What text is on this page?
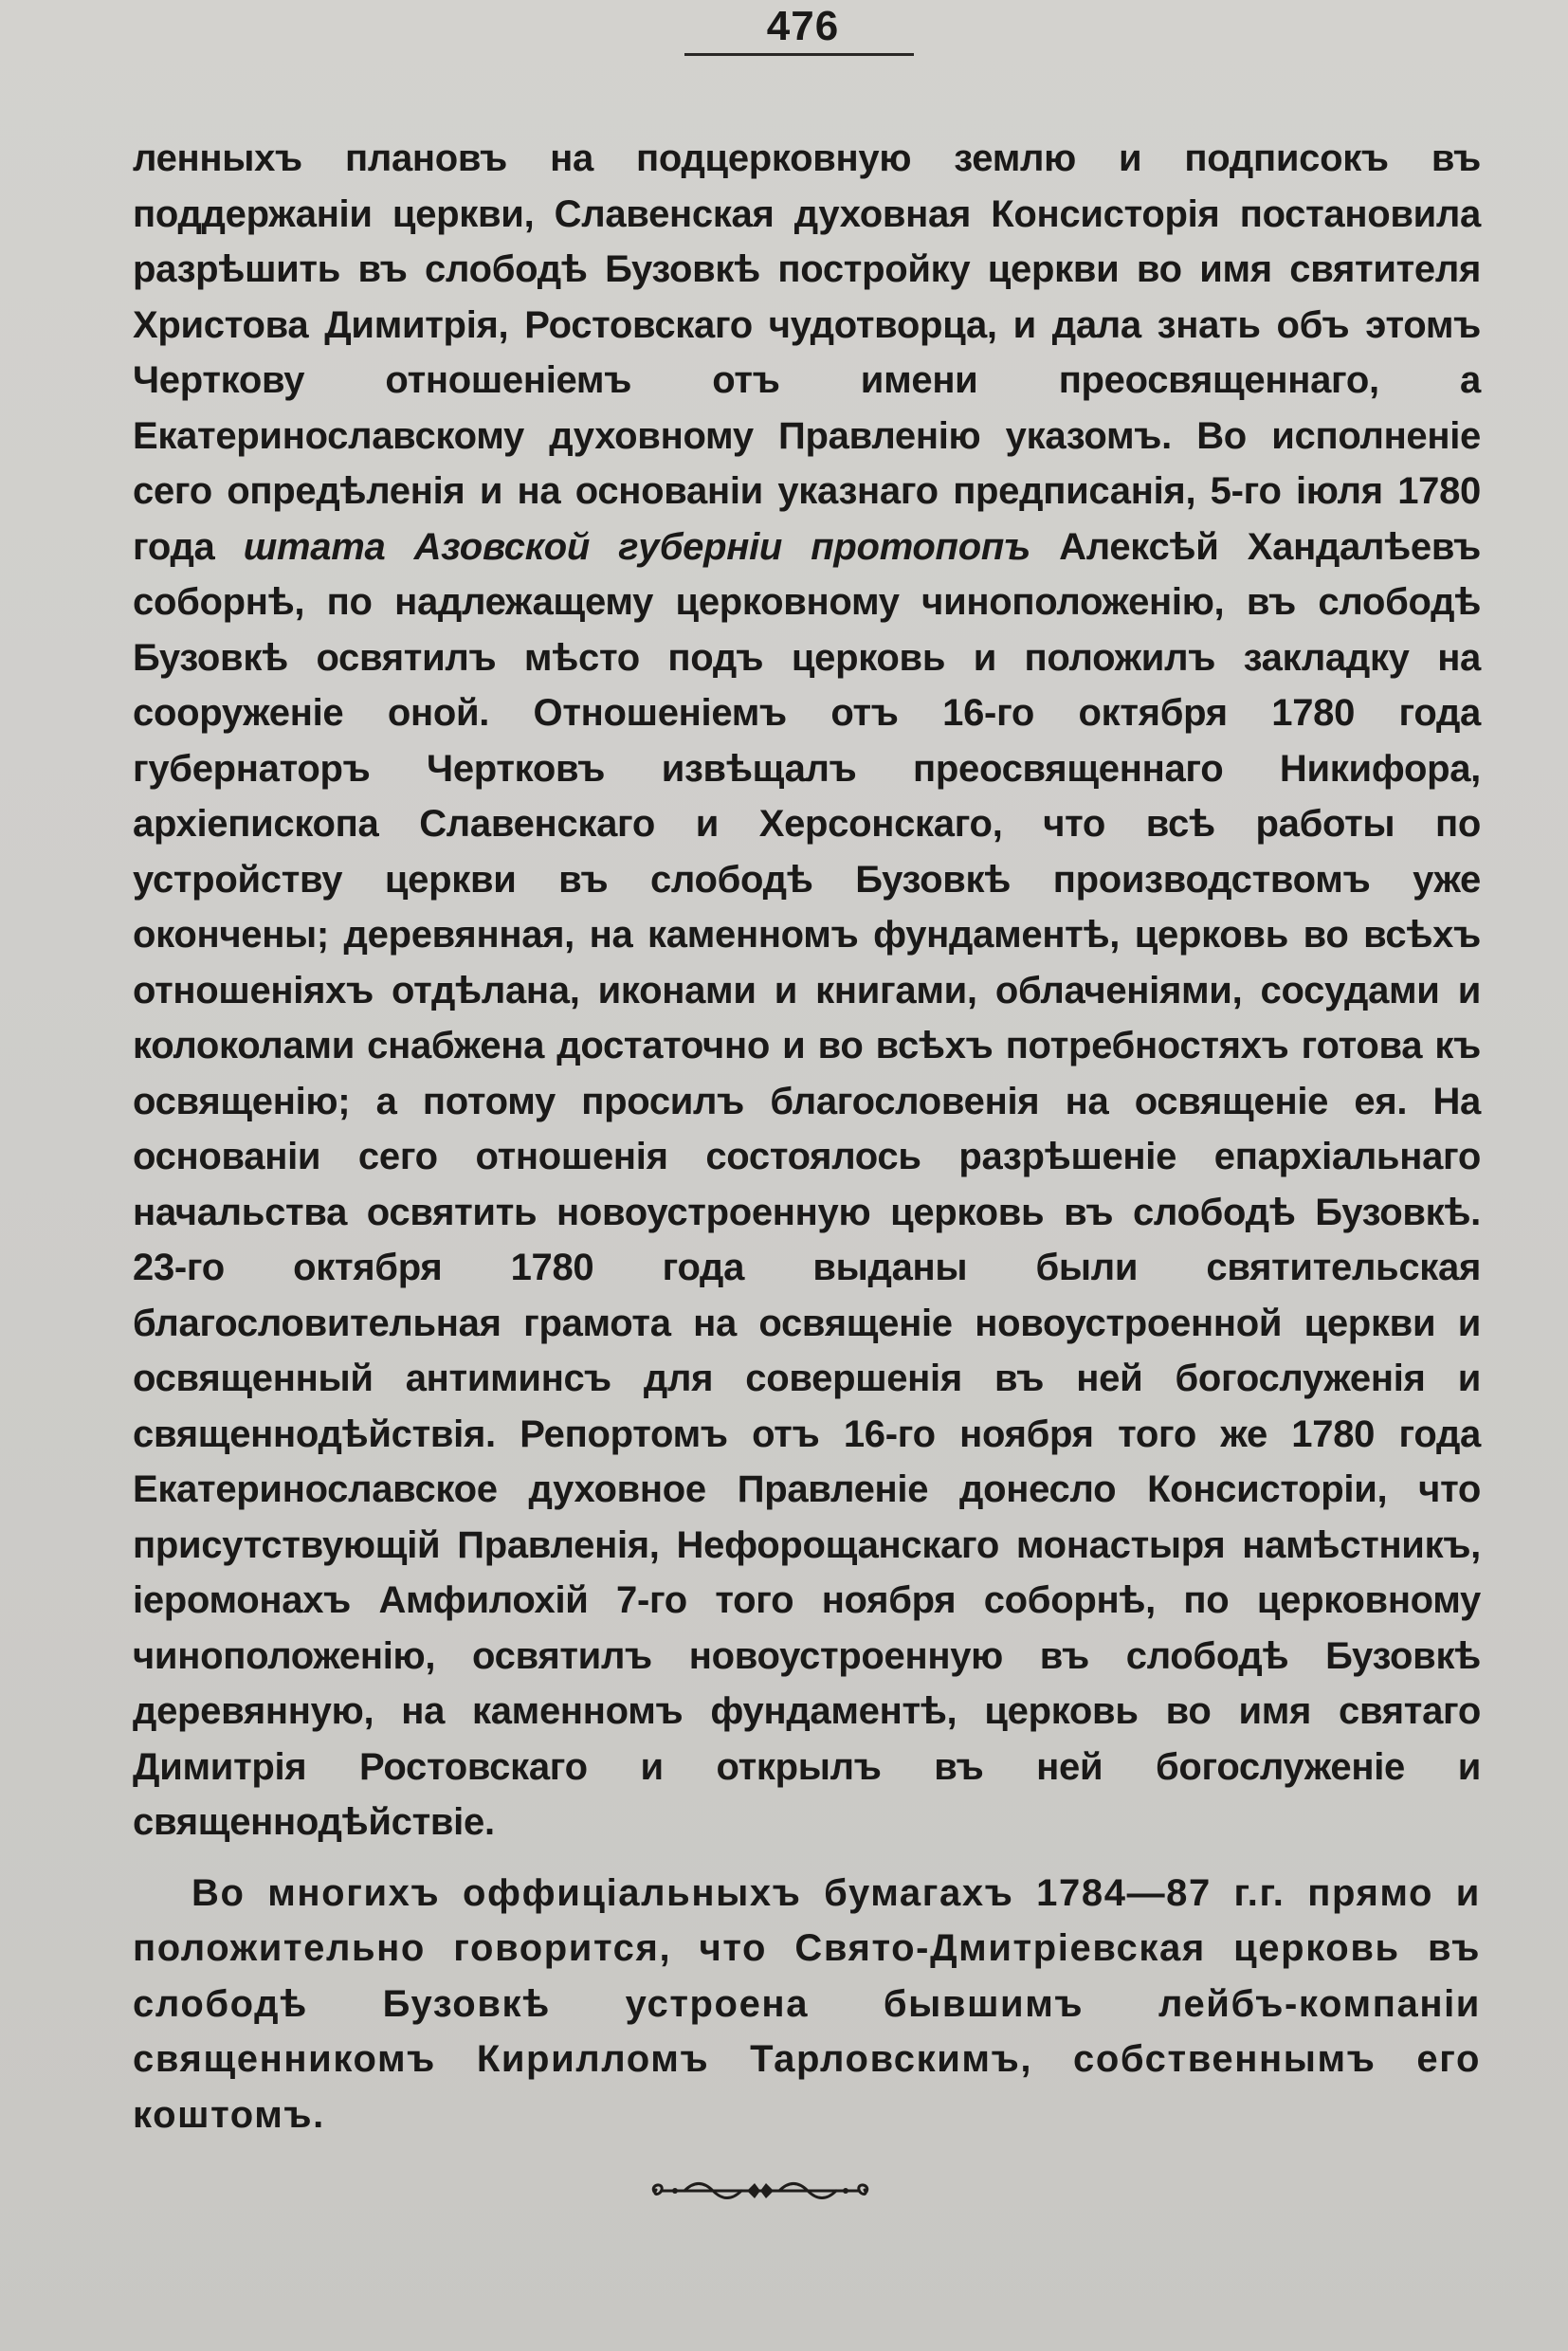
476

ленныхъ плановъ на подцерковную землю и подписокъ въ поддержаніи церкви, Славенская духовная Консисторія постановила разрѣшить въ слободѣ Бузовкѣ постройку церкви во имя святителя Христова Димитрія, Ростовскаго чудотворца, и дала знать объ этомъ Черткову отношеніемъ отъ имени преосвященнаго, а Екатеринославскому духовному Правленію указомъ. Во исполненіе сего опредѣленія и на основаніи указнаго предписанія, 5-го іюля 1780 года штата Азовской губерніи протопопъ Алексѣй Хандалѣевъ соборнѣ, по надлежащему церковному чиноположенію, въ слободѣ Бузовкѣ освятилъ мѣсто подъ церковь и положилъ закладку на сооруженіе оной. Отношеніемъ отъ 16-го октября 1780 года губернаторъ Чертковъ извѣщалъ преосвященнаго Никифора, архіепископа Славенскаго и Херсонскаго, что всѣ работы по устройству церкви въ слободѣ Бузовкѣ производствомъ уже окончены; деревянная, на каменномъ фундаментѣ, церковь во всѣхъ отношеніяхъ отдѣлана, иконами и книгами, облаченіями, сосудами и колоколами снабжена достаточно и во всѣхъ потребностяхъ готова къ освященію; а потому просилъ благословенія на освященіе ея. На основаніи сего отношенія состоялось разрѣшеніе епархіальнаго начальства освятить новоустроенную церковь въ слободѣ Бузовкѣ. 23-го октября 1780 года выданы были святительская благословительная грамота на освященіе новоустроенной церкви и освященный антиминсъ для совершенія въ ней богослуженія и священнодѣйствія. Репортомъ отъ 16-го ноября того же 1780 года Екатеринославское духовное Правленіе донесло Консисторіи, что присутствующій Правленія, Нефорощанскаго монастыря намѣстникъ, іеромонахъ Амфилохій 7-го того ноября соборнѣ, по церковному чиноположенію, освятилъ новоустроенную въ слободѣ Бузовкѣ деревянную, на каменномъ фундаментѣ, церковь во имя святаго Димитрія Ростовскаго и открылъ въ ней богослуженіе и священнодѣйствіе.

Во многихъ оффиціальныхъ бумагахъ 1784—87 г.г. прямо и положительно говорится, что Свято-Дмитріевская церковь въ слободѣ Бузовкѣ устроена бывшимъ лейбъ-компаніи священникомъ Кирилломъ Тарловскимъ, собственнымъ его коштомъ.
